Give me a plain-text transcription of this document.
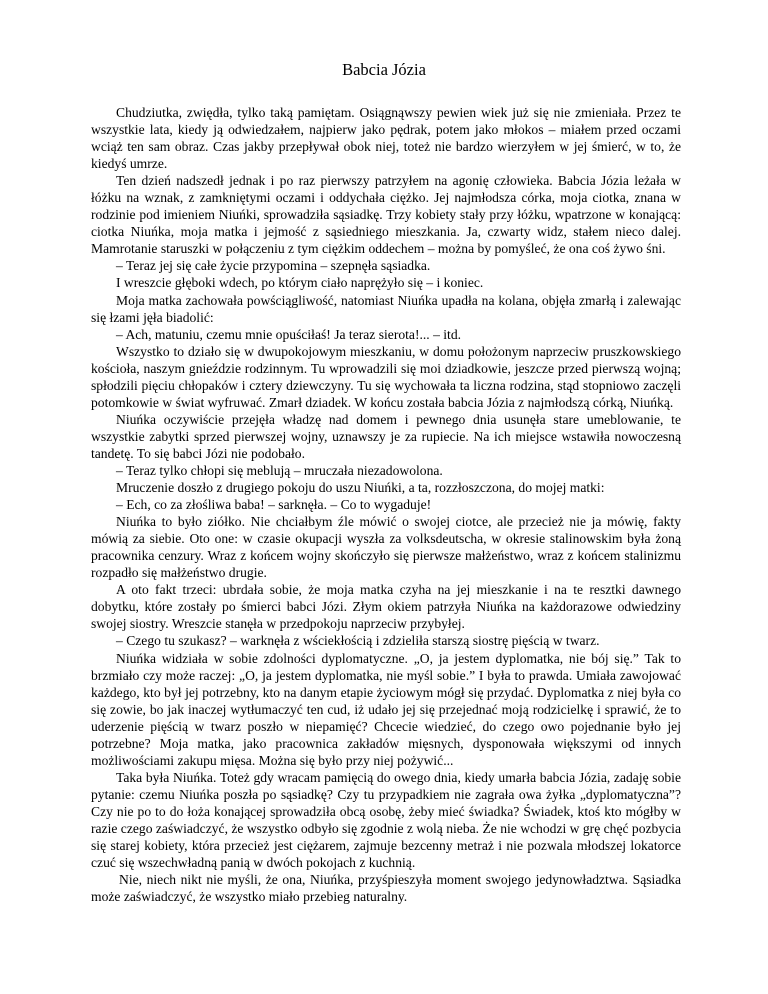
Babcia Józia

Chudziutka, zwiędła, tylko taką pamiętam. Osiągnąwszy pewien wiek już się nie zmieniała. Przez te wszystkie lata, kiedy ją odwiedzałem, najpierw jako pędrak, potem jako młokos – miałem przed oczami wciąż ten sam obraz. Czas jakby przepływał obok niej, toteż nie bardzo wierzyłem w jej śmierć, w to, że kiedyś umrze.

Ten dzień nadszedł jednak i po raz pierwszy patrzyłem na agonię człowieka. Babcia Józia leżała w łóżku na wznak, z zamkniętymi oczami i oddychała ciężko. Jej najmłodsza córka, moja ciotka, znana w rodzinie pod imieniem Niuńki, sprowadziła sąsiadkę. Trzy kobiety stały przy łóżku, wpatrzone w konającą: ciotka Niuńka, moja matka i jejmość z sąsiedniego mieszkania. Ja, czwarty widz, stałem nieco dalej. Mamrotanie staruszki w połączeniu z tym ciężkim oddechem – można by pomyśleć, że ona coś żywo śni.

– Teraz jej się całe życie przypomina – szepnęła sąsiadka.

I wreszcie głęboki wdech, po którym ciało naprężyło się – i koniec.

Moja matka zachowała powściągliwość, natomiast Niuńka upadła na kolana, objęła zmarłą i zalewając się łzami jęła biadolić:

– Ach, matuniu, czemu mnie opuściłaś! Ja teraz sierota!... – itd.

Wszystko to działo się w dwupokojowym mieszkaniu, w domu położonym naprzeciw pruszkowskiego kościoła, naszym gnieździe rodzinnym. Tu wprowadzili się moi dziadkowie, jeszcze przed pierwszą wojną; spłodzili pięciu chłopaków i cztery dziewczyny. Tu się wychowała ta liczna rodzina, stąd stopniowo zaczęli potomkowie w świat wyfruwać. Zmarł dziadek. W końcu została babcia Józia z najmłodszą córką, Niuńką.

Niuńka oczywiście przejęła władzę nad domem i pewnego dnia usunęła stare umeblowanie, te wszystkie zabytki sprzed pierwszej wojny, uznawszy je za rupiecie. Na ich miejsce wstawiła nowoczesną tandetę. To się babci Józi nie podobało.

– Teraz tylko chłopi się meblują – mruczała niezadowolona.

Mruczenie doszło z drugiego pokoju do uszu Niuńki, a ta, rozzłoszczona, do mojej matki:

– Ech, co za złośliwa baba! – sarknęła. – Co to wygaduje!

Niuńka to było ziółko. Nie chciałbym źle mówić o swojej ciotce, ale przecież nie ja mówię, fakty mówią za siebie. Oto one: w czasie okupacji wyszła za volksdeutscha, w okresie stalinowskim była żoną pracownika cenzury. Wraz z końcem wojny skończyło się pierwsze małżeństwo, wraz z końcem stalinizmu rozpadło się małżeństwo drugie.

A oto fakt trzeci: ubrdała sobie, że moja matka czyha na jej mieszkanie i na te resztki dawnego dobytku, które zostały po śmierci babci Józi. Złym okiem patrzyła Niuńka na każdorazowe odwiedziny swojej siostry. Wreszcie stanęła w przedpokoju naprzeciw przybyłej.

– Czego tu szukasz? – warknęła z wściekłością i zdzieliła starszą siostrę pięścią w twarz.

Niuńka widziała w sobie zdolności dyplomatyczne. „O, ja jestem dyplomatka, nie bój się.” Tak to brzmiało czy może raczej: „O, ja jestem dyplomatka, nie myśl sobie.” I była to prawda. Umiała zawojować każdego, kto był jej potrzebny, kto na danym etapie życiowym mógł się przydać. Dyplomatka z niej była co się zowie, bo jak inaczej wytłumaczyć ten cud, iż udało jej się przejednać moją rodzicielkę i sprawić, że to uderzenie pięścią w twarz poszło w niepamięć? Chcecie wiedzieć, do czego owo pojednanie było jej potrzebne? Moja matka, jako pracownica zakładów mięsnych, dysponowała większymi od innych możliwościami zakupu mięsa. Można się było przy niej pożywić...

Taka była Niuńka. Toteż gdy wracam pamięcią do owego dnia, kiedy umarła babcia Józia, zadaję sobie pytanie: czemu Niuńka poszła po sąsiadkę? Czy tu przypadkiem nie zagrała owa żyłka „dyplomatyczna”? Czy nie po to do łoża konającej sprowadziła obcą osobę, żeby mieć świadka? Świadek, ktoś kto mógłby w razie czego zaświadczyć, że wszystko odbyło się zgodnie z wolą nieba. Że nie wchodzi w grę chęć pozbycia się starej kobiety, która przecież jest ciężarem, zajmuje bezcenny metraż i nie pozwala młodszej lokatorce czuć się wszechwładną panią w dwóch pokojach z kuchnią.

Nie, niech nikt nie myśli, że ona, Niuńka, przyśpieszyła moment swojego jedynowładztwa. Sąsiadka może zaświadczyć, że wszystko miało przebieg naturalny.
